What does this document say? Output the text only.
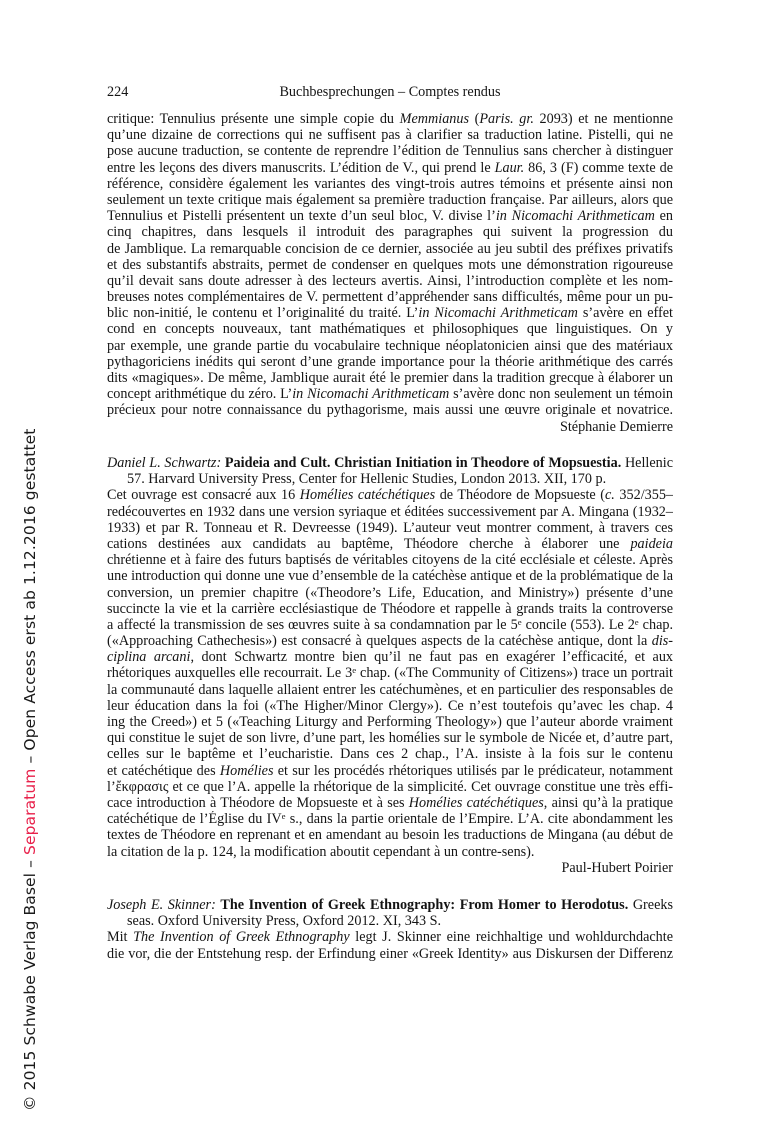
224	Buchbesprechungen – Comptes rendus
critique: Tennulius présente une simple copie du Memmianus (Paris. gr. 2093) et ne mentionne
qu’une dizaine de corrections qui ne suffisent pas à clarifier sa traduction latine. Pistelli, qui ne
pose aucune traduction, se contente de reprendre l’édition de Tennulius sans chercher à distinguer
entre les leçons des divers manuscrits. L’édition de V., qui prend le Laur. 86, 3 (F) comme texte de
référence, considère également les variantes des vingt-trois autres témoins et présente ainsi non
seulement un texte critique mais également sa première traduction française. Par ailleurs, alors que
Tennulius et Pistelli présentent un texte d’un seul bloc, V. divise l’in Nicomachi Arithmeticam en
cinq chapitres, dans lesquels il introduit des paragraphes qui suivent la progression du
de Jamblique. La remarquable concision de ce dernier, associée au jeu subtil des préfixes privatifs
et des substantifs abstraits, permet de condenser en quelques mots une démonstration rigoureuse
qu’il devait sans doute adresser à des lecteurs avertis. Ainsi, l’introduction complète et les nom-
breuses notes complémentaires de V. permettent d’appréhender sans difficultés, même pour un pu-
blic non-initié, le contenu et l’originalité du traité. L’in Nicomachi Arithmeticam s’avère en effet
cond en concepts nouveaux, tant mathématiques et philosophiques que linguistiques. On y
par exemple, une grande partie du vocabulaire technique néoplatonicien ainsi que des matériaux
pythagoriciens inédits qui seront d’une grande importance pour la théorie arithmétique des carrés
dits «magiques». De même, Jamblique aurait été le premier dans la tradition grecque à élaborer un
concept arithmétique du zéro. L’in Nicomachi Arithmeticam s’avère donc non seulement un témoin
précieux pour notre connaissance du pythagorisme, mais aussi une œuvre originale et novatrice.
Stéphanie Demierre
Daniel L. Schwartz: Paideia and Cult. Christian Initiation in Theodore of Mopsuestia. Hellenic
57. Harvard University Press, Center for Hellenic Studies, London 2013. XII, 170 p.
Cet ouvrage est consacré aux 16 Homélies catéchétiques de Théodore de Mopsueste (c. 352/355–
redécouvertes en 1932 dans une version syriaque et éditées successivement par A. Mingana (1932–
1933) et par R. Tonneau et R. Devreesse (1949). L’auteur veut montrer comment, à travers ces
cations destinées aux candidats au baptême, Théodore cherche à élaborer une paideia
chrétienne et à faire des futurs baptisés de véritables citoyens de la cité ecclésiale et céleste. Après
une introduction qui donne une vue d’ensemble de la catéchèse antique et de la problématique de la
conversion, un premier chapitre («Theodore’s Life, Education, and Ministry») présente d’une
succincte la vie et la carrière ecclésiastique de Théodore et rappelle à grands traits la controverse
a affecté la transmission de ses œuvres suite à sa condamnation par le 5e concile (553). Le 2e chap.
(«Approaching Cathechesis») est consacré à quelques aspects de la catéchèse antique, dont la dis-
ciplina arcani, dont Schwartz montre bien qu’il ne faut pas en exagérer l’efficacité, et aux
rhétoriques auxquelles elle recourrait. Le 3e chap. («The Community of Citizens») trace un portrait
la communauté dans laquelle allaient entrer les catéchumènes, et en particulier des responsables de
leur éducation dans la foi («The Higher/Minor Clergy»). Ce n’est toutefois qu’avec les chap. 4
ing the Creed») et 5 («Teaching Liturgy and Performing Theology») que l’auteur aborde vraiment
qui constitue le sujet de son livre, d’une part, les homélies sur le symbole de Nicée et, d’autre part,
celles sur le baptême et l’eucharistie. Dans ces 2 chap., l’A. insiste à la fois sur le contenu
et catéchétique des Homélies et sur les procédés rhétoriques utilisés par le prédicateur, notamment
l’ἔκφρασις et ce que l’A. appelle la rhétorique de la simplicité. Cet ouvrage constitue une très effi-
cace introduction à Théodore de Mopsueste et à ses Homélies catéchétiques, ainsi qu’à la pratique
catéchétique de l’Église du IVe s., dans la partie orientale de l’Empire. L’A. cite abondamment les
textes de Théodore en reprenant et en amendant au besoin les traductions de Mingana (au début de
la citation de la p. 124, la modification aboutit cependant à un contre-sens).
Paul-Hubert Poirier
Joseph E. Skinner: The Invention of Greek Ethnography: From Homer to Herodotus. Greeks
seas. Oxford University Press, Oxford 2012. XI, 343 S.
Mit The Invention of Greek Ethnography legt J. Skinner eine reichhaltige und wohldurchdachte
die vor, die der Entstehung resp. der Erfindung einer «Greek Identity» aus Diskursen der Differenz
© 2015 Schwabe Verlag Basel – Separatum – Open Access erst ab 1.12.2016 gestattet
